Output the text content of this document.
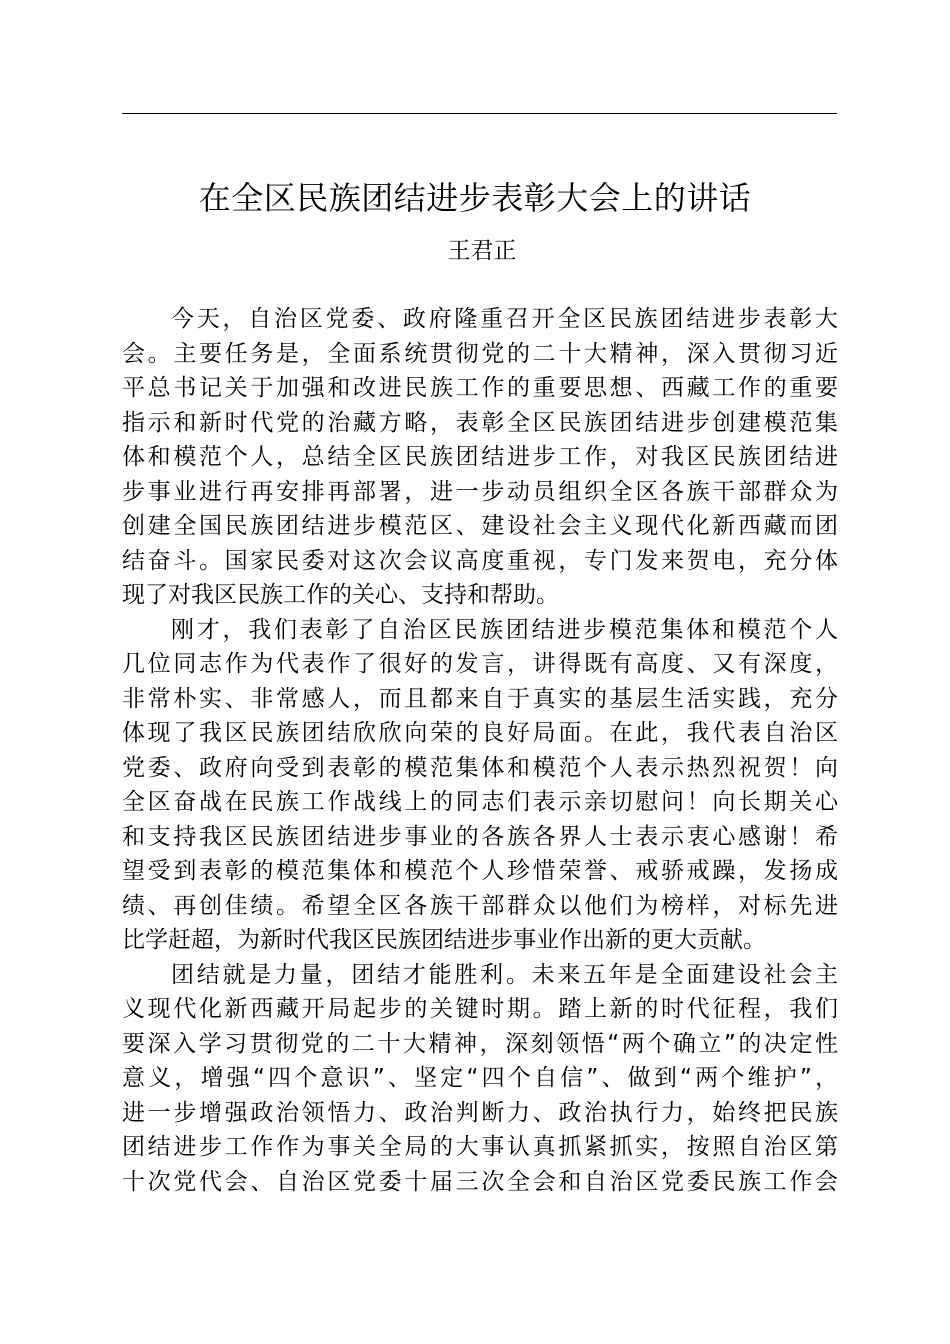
在全区民族团结进步表彰大会上的讲话
王君正
今天，自治区党委、政府隆重召开全区民族团结进步表彰大
会。主要任务是，全面系统贯彻党的二十大精神，深入贯彻习近
平总书记关于加强和改进民族工作的重要思想、西藏工作的重要
指示和新时代党的治藏方略，表彰全区民族团结进步创建模范集
体和模范个人，总结全区民族团结进步工作，对我区民族团结进
步事业进行再安排再部署，进一步动员组织全区各族干部群众为
创建全国民族团结进步模范区、建设社会主义现代化新西藏而团
结奋斗。国家民委对这次会议高度重视，专门发来贺电，充分体
现了对我区民族工作的关心、支持和帮助。
刚才，我们表彰了自治区民族团结进步模范集体和模范个人
几位同志作为代表作了很好的发言，讲得既有高度、又有深度，
非常朴实、非常感人，而且都来自于真实的基层生活实践，充分
体现了我区民族团结欣欣向荣的良好局面。在此，我代表自治区
党委、政府向受到表彰的模范集体和模范个人表示热烈祝贺！向
全区奋战在民族工作战线上的同志们表示亲切慰问！向长期关心
和支持我区民族团结进步事业的各族各界人士表示衷心感谢！希
望受到表彰的模范集体和模范个人珍惜荣誉、戒骄戒躁，发扬成
绩、再创佳绩。希望全区各族干部群众以他们为榜样，对标先进
比学赶超，为新时代我区民族团结进步事业作出新的更大贡献。
团结就是力量，团结才能胜利。未来五年是全面建设社会主
义现代化新西藏开局起步的关键时期。踏上新的时代征程，我们
要深入学习贯彻党的二十大精神，深刻领悟“两个确立”的决定性
意义，增强“四个意识”、坚定“四个自信”、做到“两个维护”，
进一步增强政治领悟力、政治判断力、政治执行力，始终把民族
团结进步工作作为事关全局的大事认真抓紧抓实，按照自治区第
十次党代会、自治区党委十届三次全会和自治区党委民族工作会
